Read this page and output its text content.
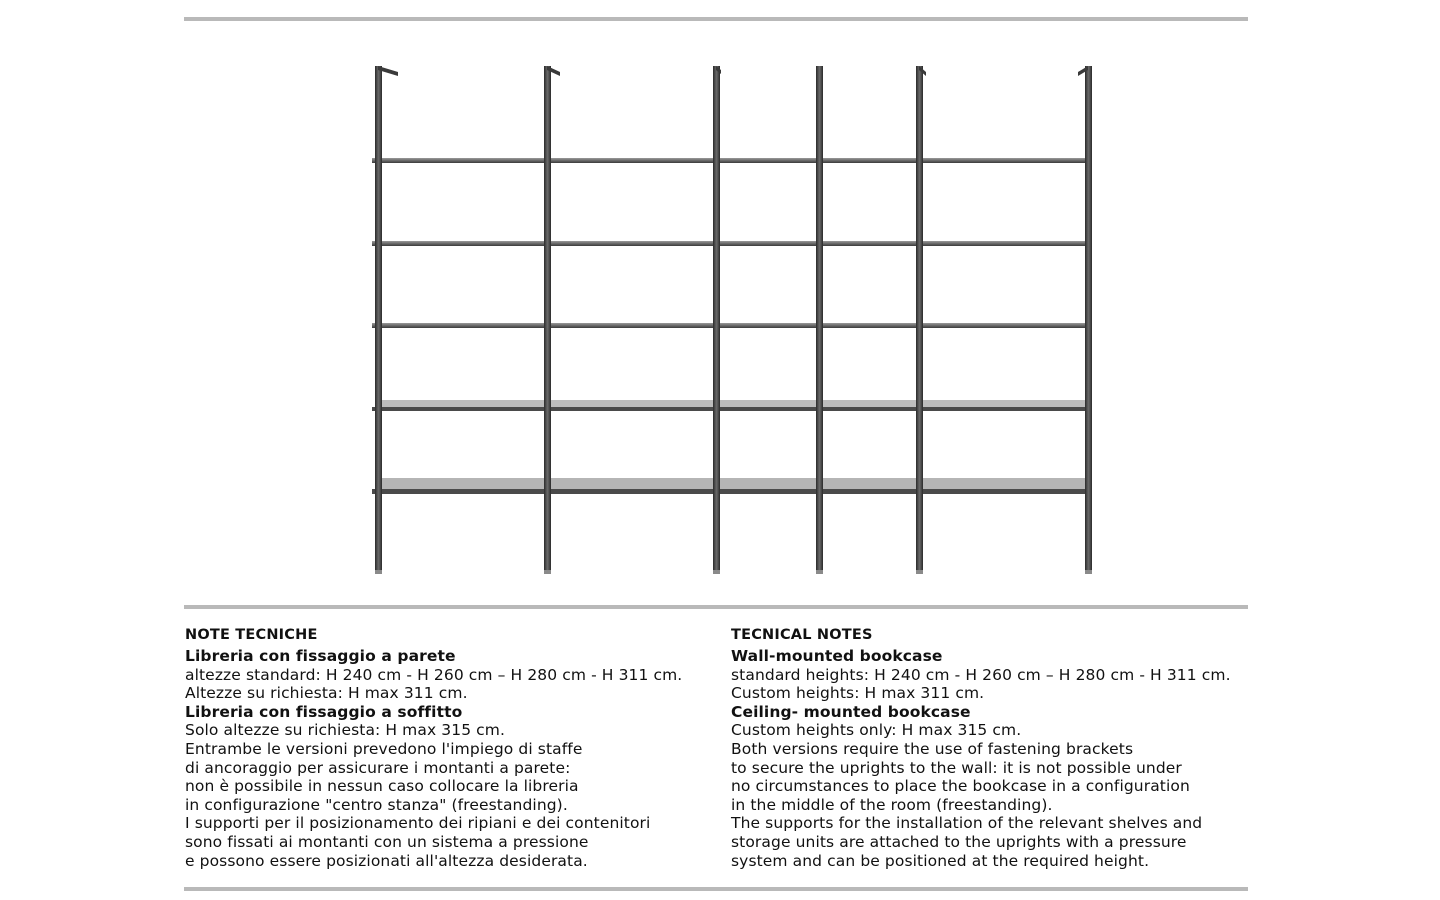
NOTE TECNICHE
Libreria con fissaggio a parete
altezze standard: H 240 cm - H 260 cm – H 280 cm - H 311 cm.
Altezze su richiesta: H max 311 cm.
Libreria con fissaggio a soffitto
Solo altezze su richiesta: H max 315 cm.
Entrambe le versioni prevedono l'impiego di staffe
di ancoraggio per assicurare i montanti a parete:
non è possibile in nessun caso collocare la libreria
in configurazione "centro stanza" (freestanding).
I supporti per il posizionamento dei ripiani e dei contenitori
sono fissati ai montanti con un sistema a pressione
e possono essere posizionati all'altezza desiderata.
TECNICAL NOTES
Wall-mounted bookcase
standard heights: H 240 cm - H 260 cm – H 280 cm - H 311 cm.
Custom heights: H max 311 cm.
Ceiling- mounted bookcase
Custom heights only: H max 315 cm.
Both versions require the use of fastening brackets
to secure the uprights to the wall: it is not possible under
no circumstances to place the bookcase in a configuration
in the middle of the room (freestanding).
The supports for the installation of the relevant shelves and
storage units are attached to the uprights with a pressure
system and can be positioned at the required height.
